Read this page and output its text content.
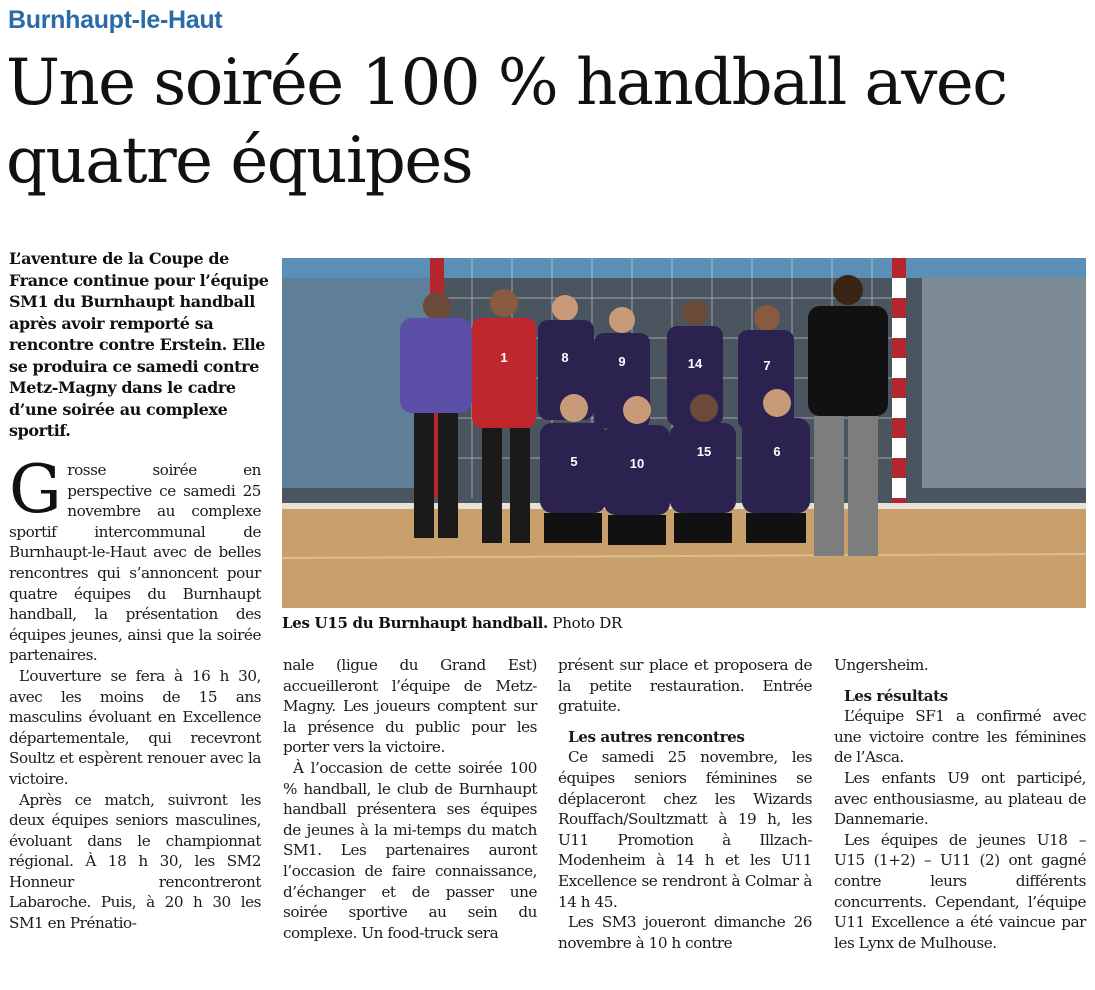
Burnhaupt-le-Haut
Une soirée 100 % handball avec quatre équipes
L’aventure de la Coupe de France continue pour l’équipe SM1 du Burnhaupt handball après avoir remporté sa rencontre contre Erstein. Elle se produira ce samedi contre Metz-Magny dans le cadre d’une soirée au complexe sportif.
1	8	9	14	7
5	10
15	6
Les U15 du Burnhaupt handball. Photo DR

Grosse soirée en perspective ce samedi 25 novembre au complexe sportif intercommunal de Burnhaupt-le-Haut avec de belles rencontres qui s’annoncent pour quatre équipes du Burnhaupt handball, la présentation des équipes jeunes, ainsi que la soirée partenaires.

L’ouverture se fera à 16 h 30, avec les moins de 15 ans masculins évoluant en Excellence départementale, qui recevront Soultz et espèrent renouer avec la victoire.

Après ce match, suivront les deux équipes seniors masculines, évoluant dans le championnat régional. À 18 h 30, les SM2 Honneur rencontreront Labaroche. Puis, à 20 h 30 les SM1 en Prénatio-

nale (ligue du Grand Est) accueilleront l’équipe de Metz-Magny. Les joueurs comptent sur la présence du public pour les porter vers la victoire.

À l’occasion de cette soirée 100 % handball, le club de Burnhaupt handball présentera ses équipes de jeunes à la mi-temps du match SM1. Les partenaires auront l’occasion de faire connaissance, d’échanger et de passer une soirée sportive au sein du complexe. Un food-truck sera

présent sur place et proposera de la petite restauration. Entrée gratuite.

Les autres rencontres

Ce samedi 25 novembre, les équipes seniors féminines se déplaceront chez les Wizards Rouffach/Soultzmatt à 19 h, les U11 Promotion à Illzach-Modenheim à 14 h et les U11 Excellence se rendront à Colmar à 14 h 45.

Les SM3 joueront dimanche 26 novembre à 10 h contre

Ungersheim.

Les résultats

L’équipe SF1 a confirmé avec une victoire contre les féminines de l’Asca.

Les enfants U9 ont participé, avec enthousiasme, au plateau de Dannemarie.

Les équipes de jeunes U18 – U15 (1+2) – U11 (2) ont gagné contre leurs différents concurrents. Cependant, l’équipe U11 Excellence a été vaincue par les Lynx de Mulhouse.
